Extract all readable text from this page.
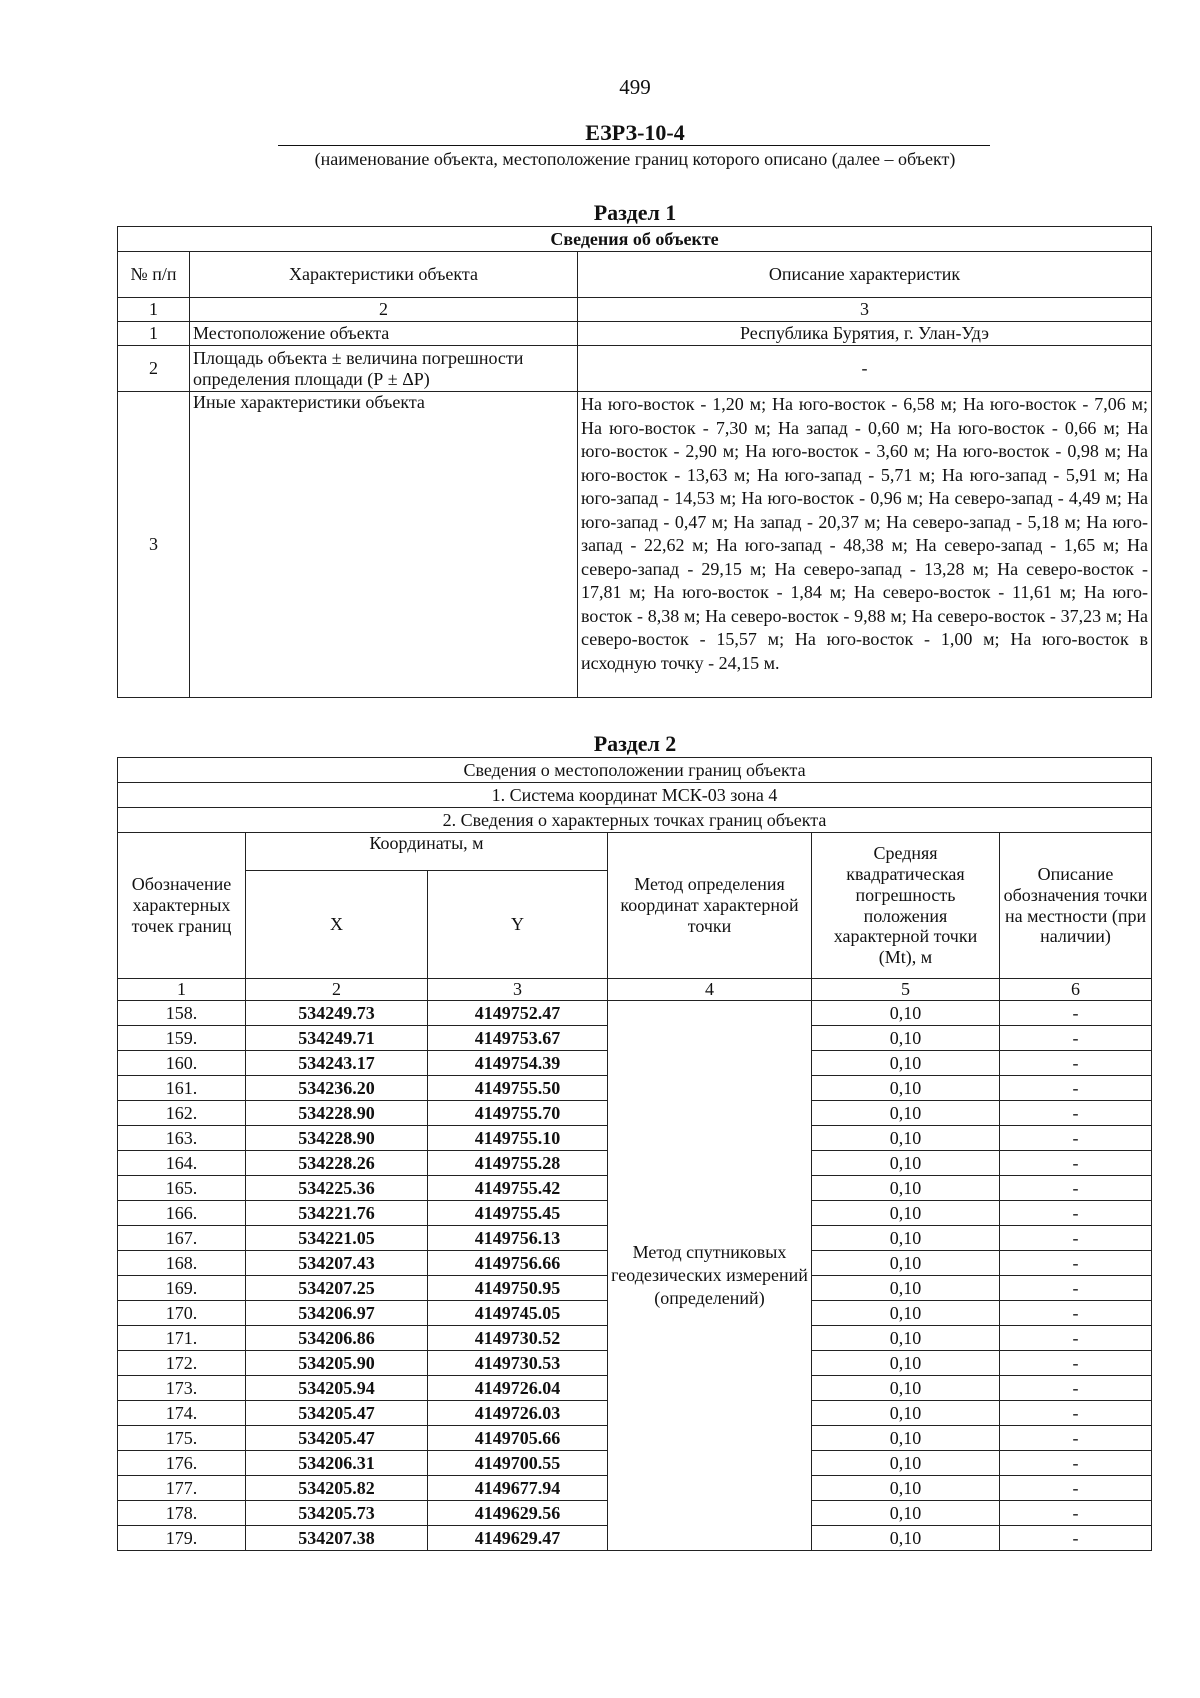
499
ЕЗРЗ-10-4
(наименование объекта, местоположение границ которого описано (далее – объект)
Раздел 1
Сведения об объекте		
№ п/п	Характеристики объекта	Описание характеристик
1	2	3
1	Местоположение объекта	Республика Бурятия, г. Улан-Удэ
2	Площадь объекта ± величина погрешности определения площади (Р ± ΔР)	-
3	Иные характеристики объекта	На юго-восток - 1,20 м; На юго-восток - 6,58 м; На юго-восток - 7,06 м; На юго-восток - 7,30 м; На запад - 0,60 м; На юго-восток - 0,66 м; На юго-восток - 2,90 м; На юго-восток - 3,60 м; На юго-восток - 0,98 м; На юго-восток - 13,63 м; На юго-запад - 5,71 м; На юго-запад - 5,91 м; На юго-запад - 14,53 м; На юго-восток - 0,96 м; На северо-запад - 4,49 м; На юго-запад - 0,47 м; На запад - 20,37 м; На северо-запад - 5,18 м; На юго-запад - 22,62 м; На юго-запад - 48,38 м; На северо-запад - 1,65 м; На северо-запад - 29,15 м; На северо-запад - 13,28 м; На северо-восток - 17,81 м; На юго-восток - 1,84 м; На северо-восток - 11,61 м; На юго-восток - 8,38 м; На северо-восток - 9,88 м; На северо-восток - 37,23 м; На северо-восток - 15,57 м; На юго-восток - 1,00 м; На юго-восток в исходную точку - 24,15 м.
Раздел 2
Сведения о местоположении границ объекта					
1. Система координат МСК-03 зона 4					
2. Сведения о характерных точках границ объекта					
Обозначение характерных точек границ	Координаты, м		Метод определения координат характерной точки	Средняя квадратическая погрешность положения характерной точки (Mt), м	Описание обозначения точки на местности (при наличии)
	X	Y			
1	2	3	4	5	6
158.	534249.73	4149752.47	Метод спутниковых геодезических измерений (определений)	0,10	-
159.	534249.71	4149753.67		0,10	-
160.	534243.17	4149754.39		0,10	-
161.	534236.20	4149755.50		0,10	-
162.	534228.90	4149755.70		0,10	-
163.	534228.90	4149755.10		0,10	-
164.	534228.26	4149755.28		0,10	-
165.	534225.36	4149755.42		0,10	-
166.	534221.76	4149755.45		0,10	-
167.	534221.05	4149756.13		0,10	-
168.	534207.43	4149756.66		0,10	-
169.	534207.25	4149750.95		0,10	-
170.	534206.97	4149745.05		0,10	-
171.	534206.86	4149730.52		0,10	-
172.	534205.90	4149730.53		0,10	-
173.	534205.94	4149726.04		0,10	-
174.	534205.47	4149726.03		0,10	-
175.	534205.47	4149705.66		0,10	-
176.	534206.31	4149700.55		0,10	-
177.	534205.82	4149677.94		0,10	-
178.	534205.73	4149629.56		0,10	-
179.	534207.38	4149629.47		0,10	-
